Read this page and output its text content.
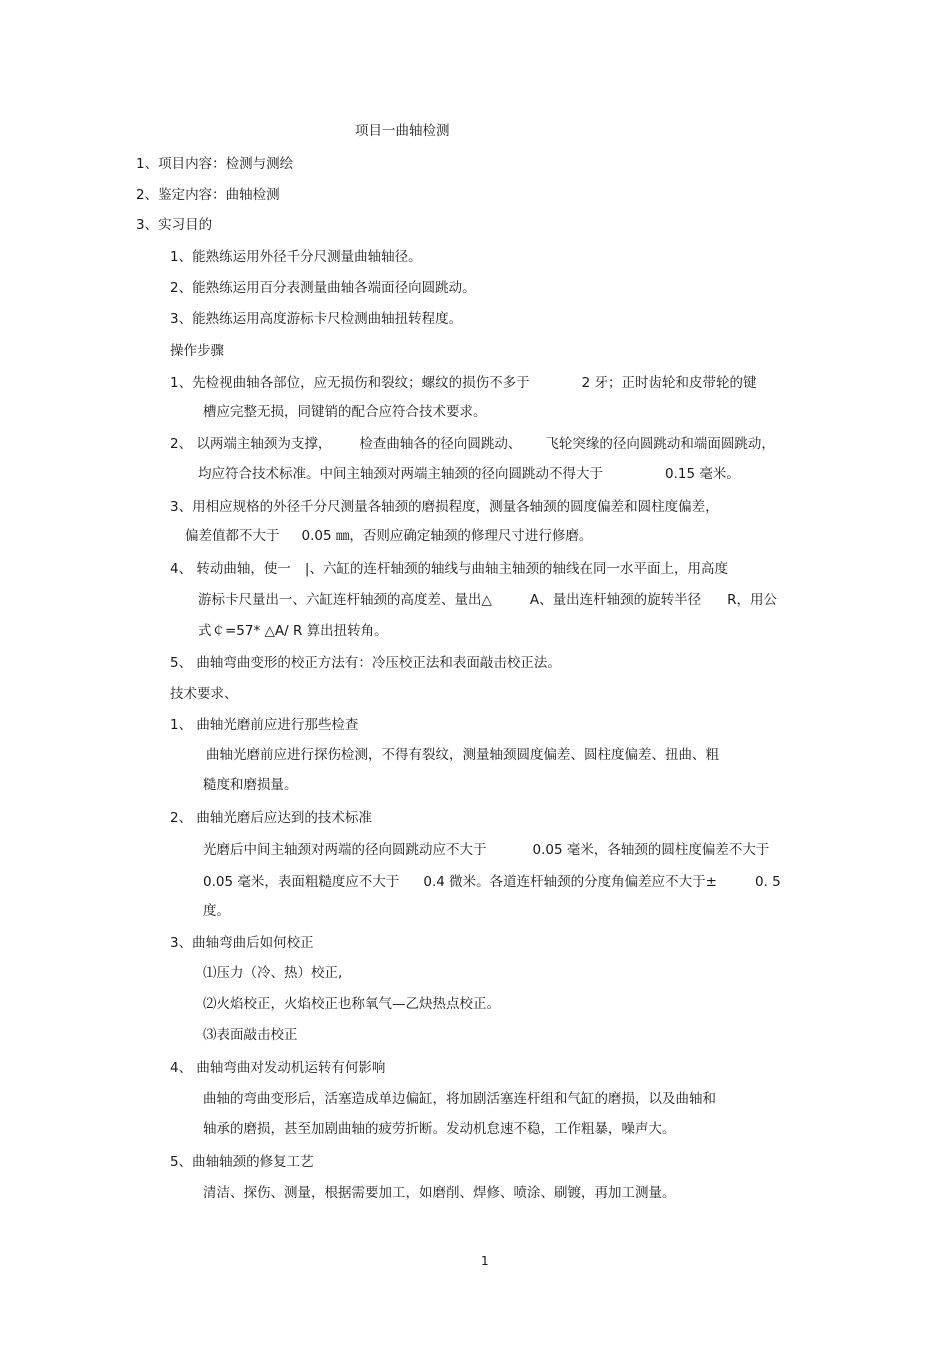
项目一曲轴检测
1、项目内容：检测与测绘
2、鉴定内容：曲轴检测
3、实习目的
1、能熟练运用外径千分尺测量曲轴轴径。
2、能熟练运用百分表测量曲轴各端面径向圆跳动。
3、能熟练运用高度游标卡尺检测曲轴扭转程度。
操作步骤
1、先检视曲轴各部位，应无损伤和裂纹；螺纹的损伤不多于	2 牙；正时齿轮和皮带轮的键
槽应完整无损，同键销的配合应符合技术要求。
2、 以两端主轴颈为支撑， 检查曲轴各的径向圆跳动、 飞轮突缘的径向圆跳动和端面圆跳动，
均应符合技术标准。中间主轴颈对两端主轴颈的径向圆跳动不得大于	0.15 毫米。
3、用相应规格的外径千分尺测量各轴颈的磨损程度，测量各轴颈的圆度偏差和圆柱度偏差，
偏差值都不大于 0.05 ㎜，否则应确定轴颈的修理尺寸进行修磨。
4、 转动曲轴，使一 |、六缸的连杆轴颈的轴线与曲轴主轴颈的轴线在同一水平面上，用高度
游标卡尺量出一、六缸连杆轴颈的高度差、量出△	A、量出连杆轴颈的旋转半径 R，用公
式￠=57* △A/ R 算出扭转角。
5、 曲轴弯曲变形的校正方法有：冷压校正法和表面敲击校正法。
技术要求、
1、 曲轴光磨前应进行那些检查
曲轴光磨前应进行探伤检测，不得有裂纹，测量轴颈圆度偏差、圆柱度偏差、扭曲、粗
糙度和磨损量。
2、 曲轴光磨后应达到的技术标准
光磨后中间主轴颈对两端的径向圆跳动应不大于	0.05 毫米，各轴颈的圆柱度偏差不大于
0.05 毫米，表面粗糙度应不大于 0.4 微米。各道连杆轴颈的分度角偏差应不大于±	0. 5
度。
3、曲轴弯曲后如何校正
⑴压力（冷、热）校正,
⑵火焰校正，火焰校正也称氧气—乙炔热点校正。
⑶表面敲击校正
4、 曲轴弯曲对发动机运转有何影响
曲轴的弯曲变形后，活塞造成单边偏缸，将加剧活塞连杆组和气缸的磨损，以及曲轴和
轴承的磨损，甚至加剧曲轴的疲劳折断。发动机怠速不稳，工作粗暴，噪声大。
5、曲轴轴颈的修复工艺
清洁、探伤、测量，根据需要加工，如磨削、焊修、喷涂、刷镀，再加工测量。
1
